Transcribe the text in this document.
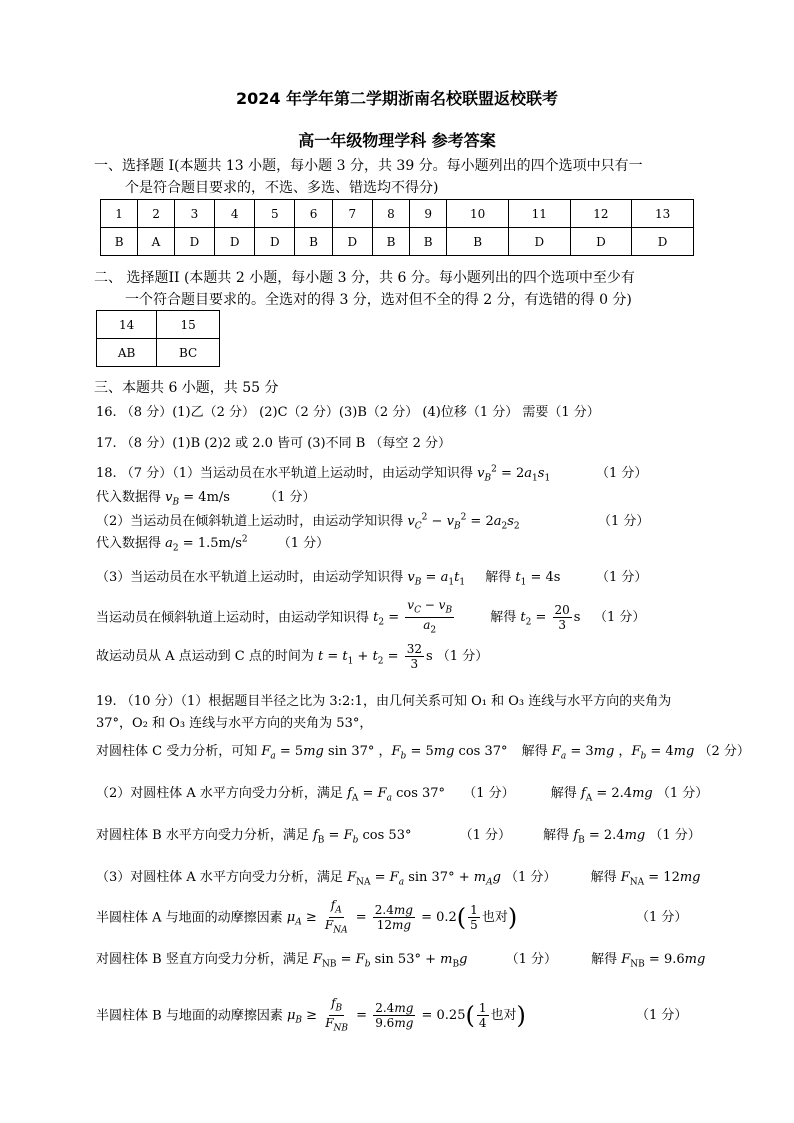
2024 年学年第二学期浙南名校联盟返校联考
高一年级物理学科 参考答案
一、选择题 I(本题共 13 小题，每小题 3 分，共 39 分。每小题列出的四个选项中只有一
个是符合题目要求的，不选、多选、错选均不得分)
1	2	3	4	5	6	7	8	9	10	11	12	13
B	A	D	D	D	B	D	B	B	B	D	D	D
二、 选择题II (本题共 2 小题，每小题 3 分，共 6 分。每小题列出的四个选项中至少有
一个符合题目要求的。全选对的得 3 分，选对但不全的得 2 分，有选错的得 0 分)
14	15
AB	BC
三、本题共 6 小题，共 55 分
16. （8 分）(1)乙（2 分） (2)C（2 分）(3)B（2 分） (4)位移（1 分） 需要（1 分）
17. （8 分）(1)B (2)2 或 2.0 皆可 (3)不同 B （每空 2 分）
18. （7 分）（1）当运动员在水平轨道上运动时，由运动学知识得 $v_B^2 = 2a_1s_1$	（1 分）
代入数据得 $v_B = 4m/s$	（1 分）
（2）当运动员在倾斜轨道上运动时，由运动学知识得 $v_C^2 - v_B^2 = 2a_2s_2$	（1 分）
代入数据得 $a_2 = 1.5m/s^2$ （1 分）
（3）当运动员在水平轨道上运动时，由运动学知识得 $v_B = a_1t_1$ 解得 $t_1 = 4s$	（1 分）
当运动员在倾斜轨道上运动时，由运动学知识得 $t_2 = \frac{v_C - v_B}{a_2}$	解得 $t_2 = \frac{20}{3}$ s （1 分）
故运动员从 A 点运动到 C 点的时间为 $t = t_1 + t_2 = \frac{32}{3}$ s （1 分）
19. （10 分）（1）根据题目半径之比为 3:2:1，由几何关系可知 O₁ 和 O₃ 连线与水平方向的夹角为
37°，O₂ 和 O₃ 连线与水平方向的夹角为 53°，
对圆柱体 C 受力分析，可知 $F_a = 5mg$ sin 37° ，$F_b = 5mg$ cos 37° 解得 $F_a = 3mg$ ，$F_b = 4mg$ （2 分）
（2）对圆柱体 A 水平方向受力分析，满足 $f_A = F_a$ cos 37° （1 分）	解得 $f_A = 2.4mg$ （1 分）
对圆柱体 B 水平方向受力分析，满足 $f_B = F_b$ cos 53°	（1 分） 解得 $f_B = 2.4mg$ （1 分）
（3）对圆柱体 A 水平方向受力分析，满足 $F_{NA} = F_a$ $\sin 37^\circ + m_Ag$ （1 分）	解得 $F_{NA} = 12mg$
半圆柱体 A 与地面的动摩擦因素 $\mu_A \ge \frac{f_A}{F_{NA}} = \frac{2.4mg}{12mg} = 0.2( \frac{1}{5}$ 也对)	（1 分）
对圆柱体 B 竖直方向受力分析，满足 $F_{NB} = F_b$ $\sin 53^\circ + m_Bg$	（1 分）	解得 $F_{NB} = 9.6mg$
半圆柱体 B 与地面的动摩擦因素 $\mu_B \ge \frac{f_B}{F_{NB}} = \frac{2.4mg}{9.6mg} = 0.25( \frac{1}{4}$ 也对)	（1 分）
